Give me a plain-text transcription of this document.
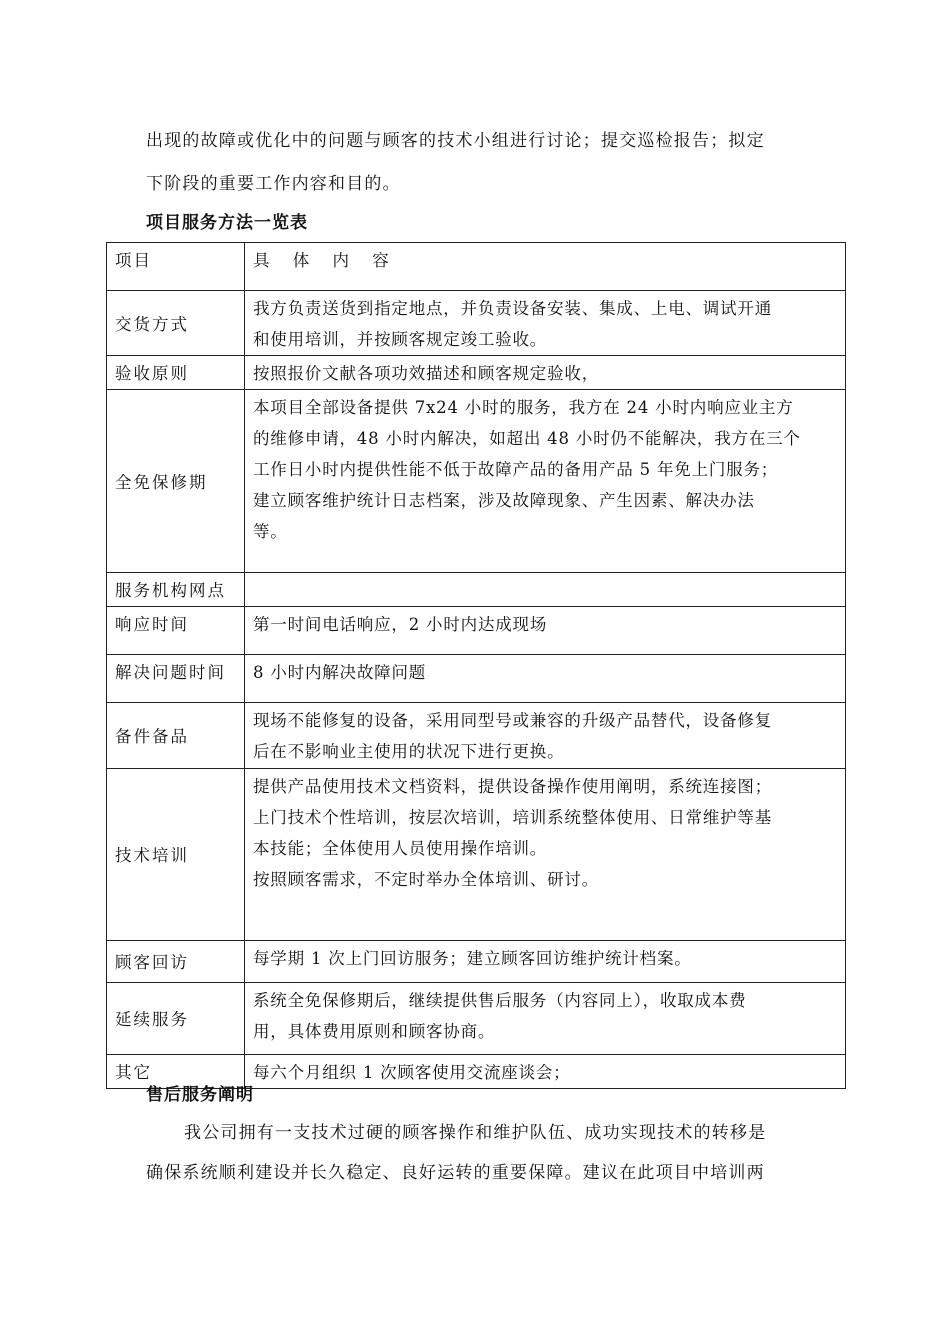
出现的故障或优化中的问题与顾客的技术小组进行讨论；提交巡检报告；拟定
下阶段的重要工作内容和目的。
项目服务方法一览表
项目	具 体 内 容
交货方式	我方负责送货到指定地点，并负责设备安装、集成、上电、调试开通
和使用培训，并按顾客规定竣工验收。

验收原则	按照报价文献各项功效描述和顾客规定验收，

全免保修期	本项目全部设备提供 7x24 小时的服务，我方在 24 小时内响应业主方
的维修申请，48 小时内解决，如超出 48 小时仍不能解决，我方在三个
工作日小时内提供性能不低于故障产品的备用产品 5 年免上门服务；
建立顾客维护统计日志档案，涉及故障现象、产生因素、解决办法
等。

服务机构网点	
响应时间	第一时间电话响应，2 小时内达成现场

解决问题时间	8 小时内解决故障问题

备件备品	现场不能修复的设备，采用同型号或兼容的升级产品替代，设备修复
后在不影响业主使用的状况下进行更换。

技术培训	提供产品使用技术文档资料，提供设备操作使用阐明，系统连接图；
上门技术个性培训，按层次培训，培训系统整体使用、日常维护等基
本技能；全体使用人员使用操作培训。
按照顾客需求，不定时举办全体培训、研讨。

顾客回访	每学期 1 次上门回访服务；建立顾客回访维护统计档案。

延续服务	系统全免保修期后，继续提供售后服务（内容同上），收取成本费
用，具体费用原则和顾客协商。

其它	每六个月组织 1 次顾客使用交流座谈会；
售后服务阐明
我公司拥有一支技术过硬的顾客操作和维护队伍、成功实现技术的转移是
确保系统顺利建设并长久稳定、良好运转的重要保障。建议在此项目中培训两
